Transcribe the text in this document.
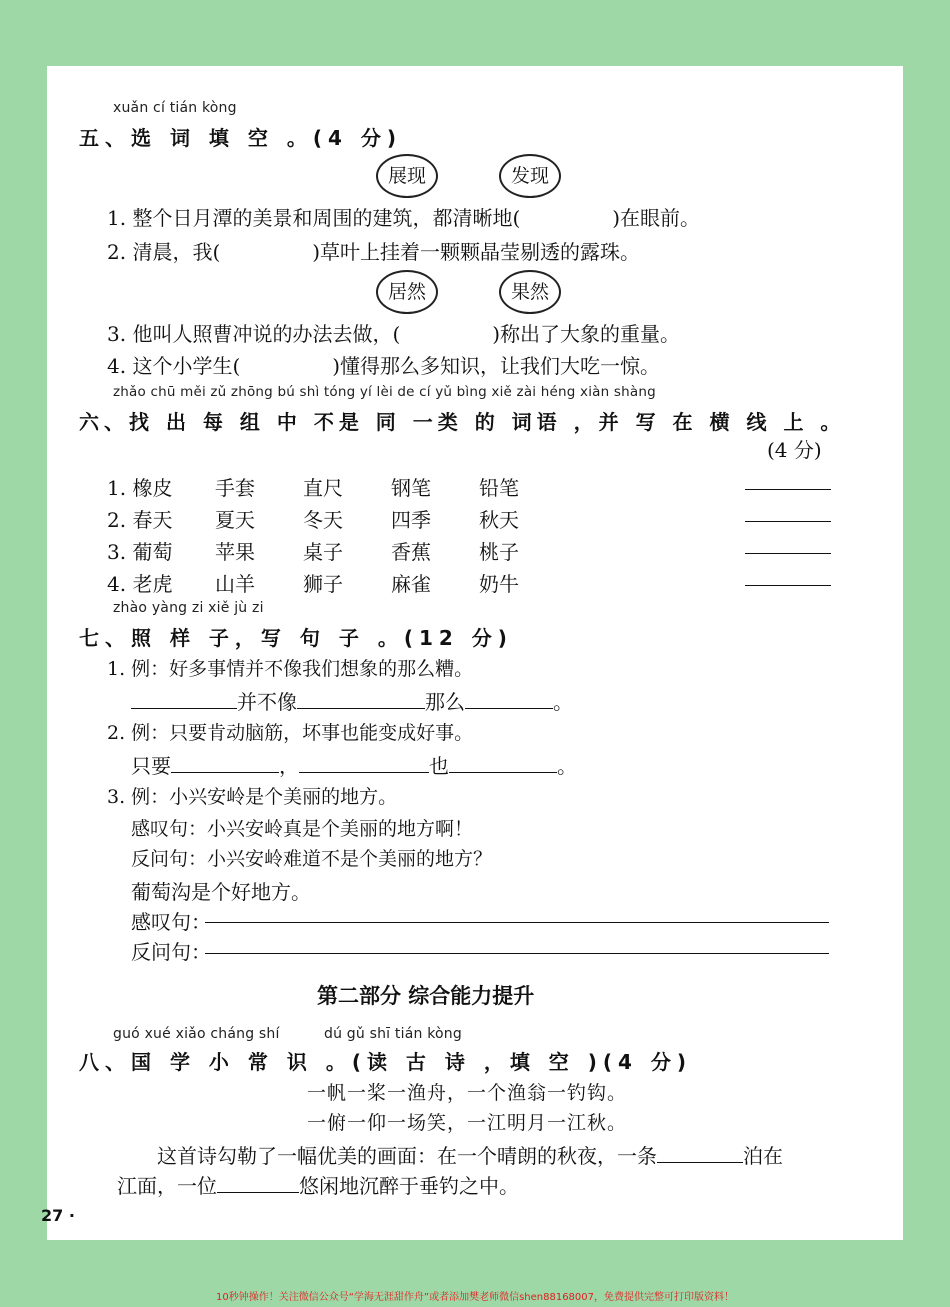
xuǎn cí tián kòng
五、选 词 填 空 。(4 分)
展现	发现
1. 整个日月潭的美景和周围的建筑，都清晰地(	)在眼前。
2. 清晨，我(	)草叶上挂着一颗颗晶莹剔透的露珠。
居然	果然
3. 他叫人照曹冲说的办法去做，(	)称出了大象的重量。
4. 这个小学生(	)懂得那么多知识，让我们大吃一惊。
zhǎo chū měi zǔ zhōng bú shì tóng yí lèi de cí yǔ bìng xiě zài héng xiàn shàng
六、找 出 每 组 中 不是 同 一类 的 词语 ，并 写 在 横 线 上 。
(4 分)
1. 橡皮 手套 直尺 钢笔 铅笔
2. 春天 夏天 冬天 四季 秋天
3. 葡萄 苹果 桌子 香蕉 桃子
4. 老虎 山羊 狮子 麻雀 奶牛
zhào yàng zi xiě jù zi
七、照 样 子，写 句 子 。(12 分)
1. 例：好多事情并不像我们想象的那么糟。
并不像	那么	。
2. 例：只要肯动脑筋，坏事也能变成好事。
只要	，	也	。
3. 例：小兴安岭是个美丽的地方。
感叹句：小兴安岭真是个美丽的地方啊！
反问句：小兴安岭难道不是个美丽的地方？
葡萄沟是个好地方。
感叹句：
反问句：
第二部分 综合能力提升
guó xué xiǎo cháng shí	dú gǔ shī tián kòng
八、国 学 小 常 识 。(读 古 诗 ，填 空 )(4 分)
一帆一桨一渔舟，一个渔翁一钓钩。
一俯一仰一场笑，一江明月一江秋。
这首诗勾勒了一幅优美的画面：在一个晴朗的秋夜，一条	泊在
江面，一位	悠闲地沉醉于垂钓之中。
27 ·
10秒钟操作！关注微信公众号“学海无涯甜作舟”或者添加樊老师微信shen88168007，免费提供完整可打印版资料！
